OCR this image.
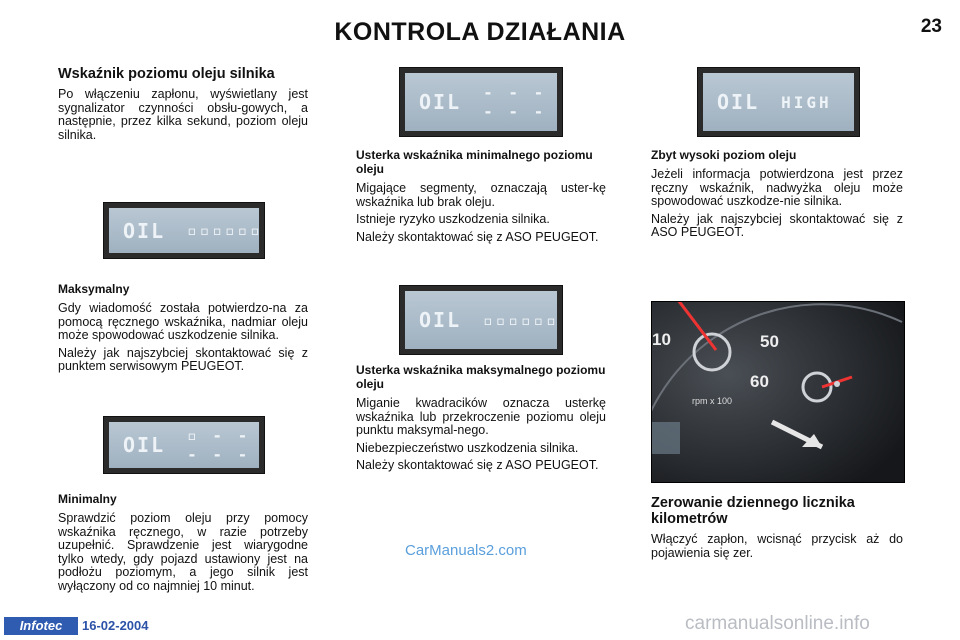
KONTROLA DZIAŁANIA	23
Wskaźnik poziomu oleju silnika

Po włączeniu zapłonu, wyświetlany jest sygnalizator czynności obsłu-gowych, a następnie, przez kilka sekund, poziom oleju silnika.

OIL ▫▫▫▫▫▫
Maksymalny

Gdy wiadomość została potwierdzo-na za pomocą ręcznego wskaźnika, nadmiar oleju może spowodować uszkodzenie silnika.

Należy jak najszybciej skontaktować się z punktem serwisowym PEUGEOT.

OIL ▫ - - - - -
Minimalny

Sprawdzić poziom oleju przy pomocy wskaźnika ręcznego, w razie potrzeby uzupełnić. Sprawdzenie jest wiarygodne tylko wtedy, gdy pojazd ustawiony jest na podłożu poziomym, a jego silnik jest wyłączony od co najmniej 10 minut.

OIL - - - - - -
Usterka wskaźnika minimalnego poziomu oleju

Migające segmenty, oznaczają uster-kę wskaźnika lub brak oleju.

Istnieje ryzyko uszkodzenia silnika.

Należy skontaktować się z ASO PEUGEOT.

OIL ▫▫▫▫▫▫
Usterka wskaźnika maksymalnego poziomu oleju

Miganie kwadracików oznacza usterkę wskaźnika lub przekroczenie poziomu oleju punktu maksymal-nego.

Niebezpieczeństwo uszkodzenia silnika.

Należy skontaktować się z ASO PEUGEOT.

OIL HIGH
Zbyt wysoki poziom oleju

Jeżeli informacja potwierdzona jest przez ręczny wskaźnik, nadwyżka oleju może spowodować uszkodze-nie silnika.

Należy jak najszybciej skontaktować się z ASO PEUGEOT.

10	50
60
rpm x 100
Zerowanie dziennego licznika kilometrów

Włączyć zapłon, wcisnąć przycisk aż do pojawienia się zer.

Infotec	16-02-2004
CarManuals2.com
carmanualsonline.info
